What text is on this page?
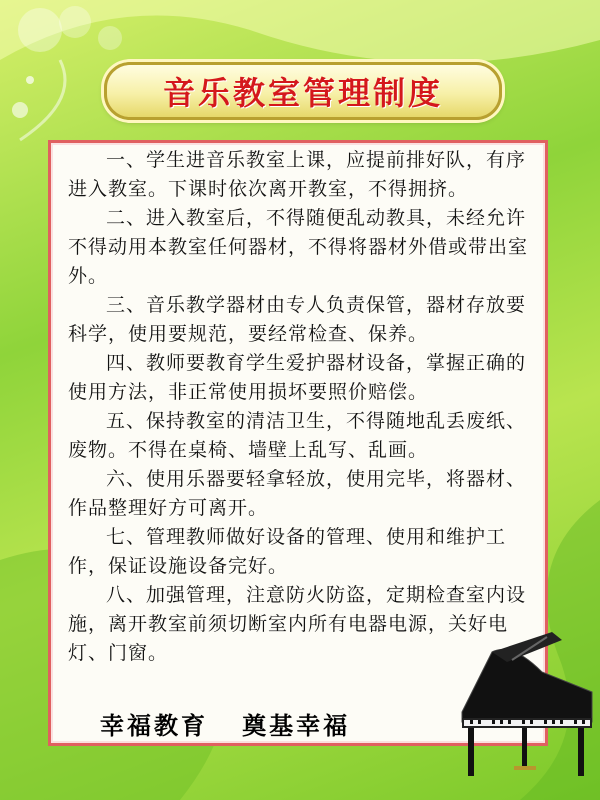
音乐教室管理制度

一、学生进音乐教室上课，应提前排好队，有序进入教室。下课时依次离开教室，不得拥挤。

二、进入教室后，不得随便乱动教具，未经允许不得动用本教室任何器材，不得将器材外借或带出室外。

三、音乐教学器材由专人负责保管，器材存放要科学，使用要规范，要经常检查、保养。

四、教师要教育学生爱护器材设备，掌握正确的使用方法，非正常使用损坏要照价赔偿。

五、保持教室的清洁卫生，不得随地乱丢废纸、废物。不得在桌椅、墙壁上乱写、乱画。

六、使用乐器要轻拿轻放，使用完毕，将器材、作品整理好方可离开。

七、管理教师做好设备的管理、使用和维护工作，保证设施设备完好。

八、加强管理，注意防火防盗，定期检查室内设施，离开教室前须切断室内所有电器电源，关好电灯、门窗。

幸福教育   奠基幸福
